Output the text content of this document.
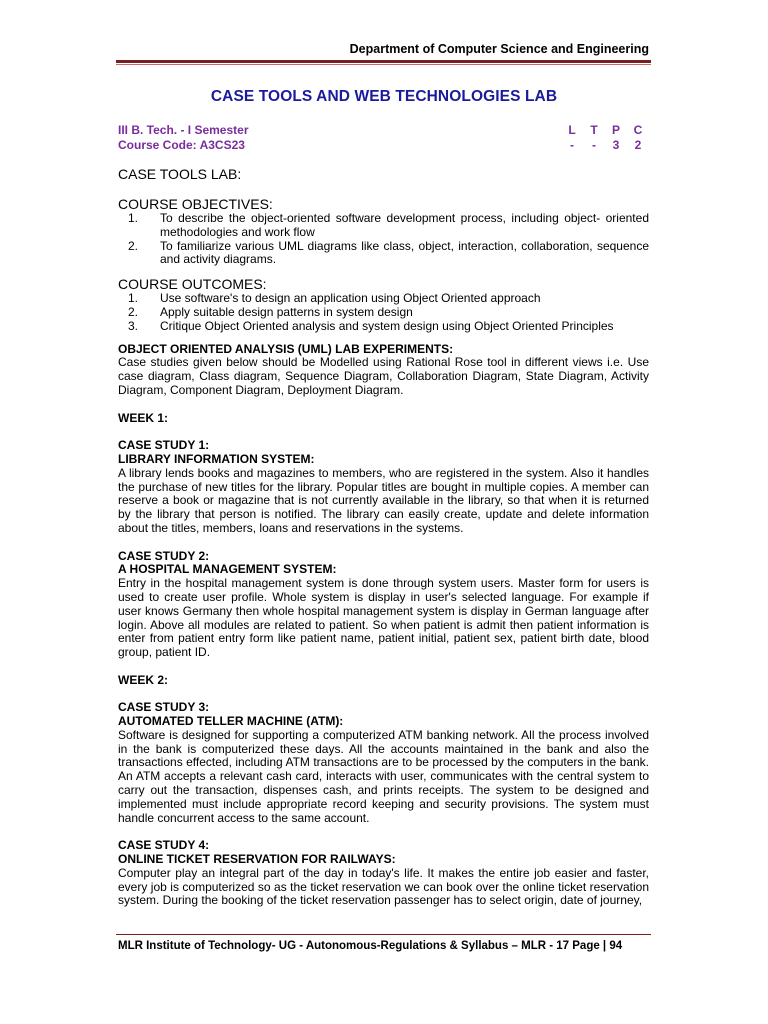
Department of Computer Science and Engineering
CASE TOOLS AND WEB TECHNOLOGIES LAB
III B. Tech. - I Semester
Course Code: A3CS23
L T P C
-	-	3	2
CASE TOOLS LAB:
COURSE OBJECTIVES:
1. To describe the object-oriented software development process, including object- oriented methodologies and work flow
2. To familiarize various UML diagrams like class, object, interaction, collaboration, sequence and activity diagrams.
COURSE OUTCOMES:
1. Use software's to design an application using Object Oriented approach
2. Apply suitable design patterns in system design
3. Critique Object Oriented analysis and system design using Object Oriented Principles

OBJECT ORIENTED ANALYSIS (UML) LAB EXPERIMENTS:

Case studies given below should be Modelled using Rational Rose tool in different views i.e. Use case diagram, Class diagram, Sequence Diagram, Collaboration Diagram, State Diagram, Activity Diagram, Component Diagram, Deployment Diagram.

WEEK 1:

CASE STUDY 1:

LIBRARY INFORMATION SYSTEM:

A library lends books and magazines to members, who are registered in the system. Also it handles the purchase of new titles for the library. Popular titles are bought in multiple copies. A member can reserve a book or magazine that is not currently available in the library, so that when it is returned by the library that person is notified. The library can easily create, update and delete information about the titles, members, loans and reservations in the systems.

CASE STUDY 2:

A HOSPITAL MANAGEMENT SYSTEM:

Entry in the hospital management system is done through system users. Master form for users is used to create user profile. Whole system is display in user's selected language. For example if user knows Germany then whole hospital management system is display in German language after login. Above all modules are related to patient. So when patient is admit then patient information is enter from patient entry form like patient name, patient initial, patient sex, patient birth date, blood group, patient ID.

WEEK 2:

CASE STUDY 3:

AUTOMATED TELLER MACHINE (ATM):

Software is designed for supporting a computerized ATM banking network. All the process involved in the bank is computerized these days. All the accounts maintained in the bank and also the transactions effected, including ATM transactions are to be processed by the computers in the bank. An ATM accepts a relevant cash card, interacts with user, communicates with the central system to carry out the transaction, dispenses cash, and prints receipts. The system to be designed and implemented must include appropriate record keeping and security provisions. The system must handle concurrent access to the same account.

CASE STUDY 4:

ONLINE TICKET RESERVATION FOR RAILWAYS:

Computer play an integral part of the day in today's life. It makes the entire job easier and faster, every job is computerized so as the ticket reservation we can book over the online ticket reservation system. During the booking of the ticket reservation passenger has to select origin, date of journey,

MLR Institute of Technology- UG - Autonomous-Regulations & Syllabus – MLR - 17 Page | 94
